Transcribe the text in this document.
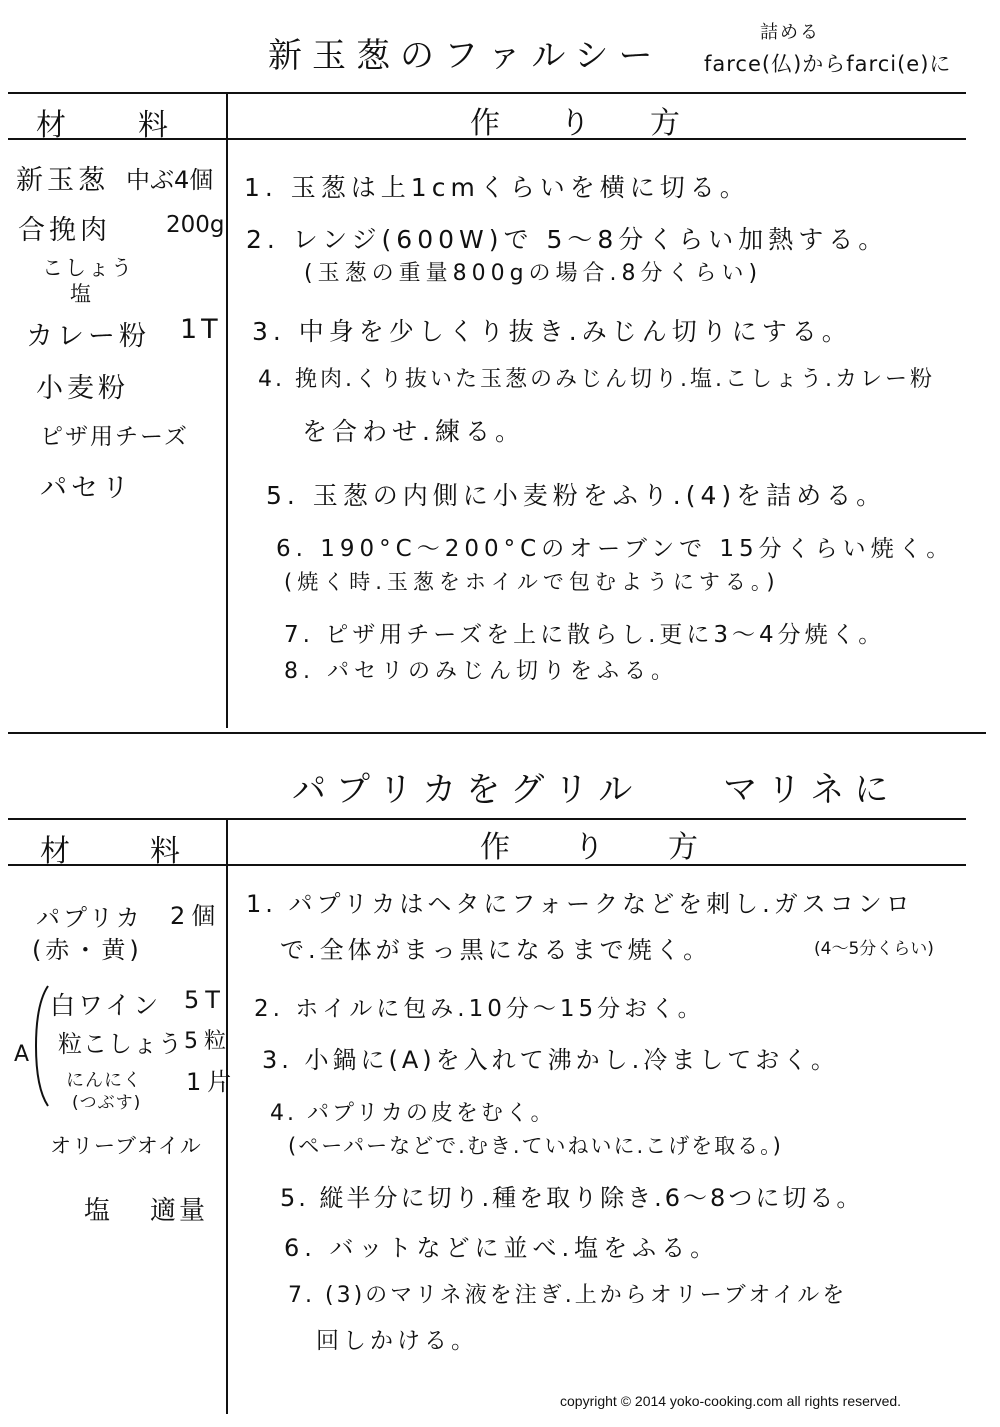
新玉葱のファルシー
詰める
farce(仏)からfarci(e)に
材料	作り方
新玉葱 中ぶ4個
合挽肉 200g
こしょう
塩
カレー粉 1T
小麦粉
ピザ用チーズ
パセリ
1. 玉葱は上1cmくらいを横に切る。
2. レンジ(600W)で 5〜8分くらい加熱する。
(玉葱の重量800gの場合.8分くらい)
3. 中身を少しくり抜き.みじん切りにする。
4. 挽肉.くり抜いた玉葱のみじん切り.塩.こしょう.カレー粉
を合わせ.練る。
5. 玉葱の内側に小麦粉をふり.(4)を詰める。
6. 190°C〜200°Cのオーブンで 15分くらい焼く。
(焼く時.玉葱をホイルで包むようにする。)
7. ピザ用チーズを上に散らし.更に3〜4分焼く。
8. パセリのみじん切りをふる。
パプリカをグリル マリネに
材料	作り方
パプリカ 2個
(赤・黄)
A
白ワイン 5T
粒こしょう 5粒
にんにく 1片
(つぶす)
オリーブオイル
塩 適量
1. パプリカはヘタにフォークなどを刺し.ガスコンロ
で.全体がまっ黒になるまで焼く。	(4〜5分くらい)
2. ホイルに包み.10分〜15分おく。
3. 小鍋に(A)を入れて沸かし.冷ましておく。
4. パプリカの皮をむく。
(ペーパーなどで.むき.ていねいに.こげを取る。)
5. 縦半分に切り.種を取り除き.6〜8つに切る。
6. バットなどに並べ.塩をふる。
7. (3)のマリネ液を注ぎ.上からオリーブオイルを
回しかける。
copyright © 2014 yoko-cooking.com all rights reserved.
